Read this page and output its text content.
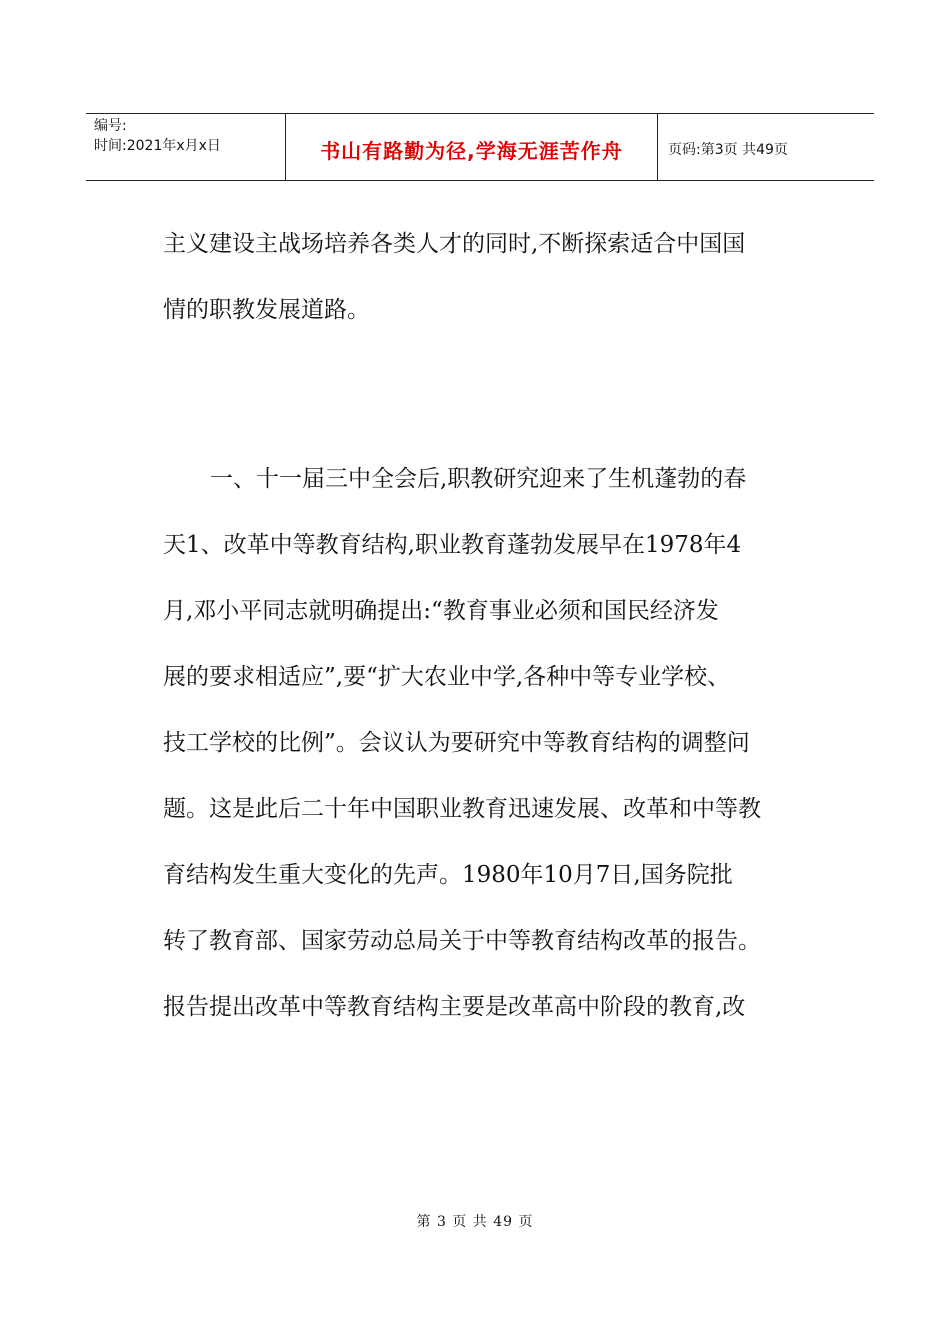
编号:
时间:2021年x月x日	书山有路勤为径,学海无涯苦作舟	页码:第3页 共49页

主义建设主战场培养各类人才的同时,不断探索适合中国国

情的职教发展道路。

一、十一届三中全会后,职教研究迎来了生机蓬勃的春

天1、改革中等教育结构,职业教育蓬勃发展早在1978年4

月,邓小平同志就明确提出:“教育事业必须和国民经济发

展的要求相适应”,要“扩大农业中学,各种中等专业学校、

技工学校的比例”。会议认为要研究中等教育结构的调整问

题。这是此后二十年中国职业教育迅速发展、改革和中等教

育结构发生重大变化的先声。1980年10月7日,国务院批

转了教育部、国家劳动总局关于中等教育结构改革的报告。

报告提出改革中等教育结构主要是改革高中阶段的教育,改

第 3 页 共 49 页
